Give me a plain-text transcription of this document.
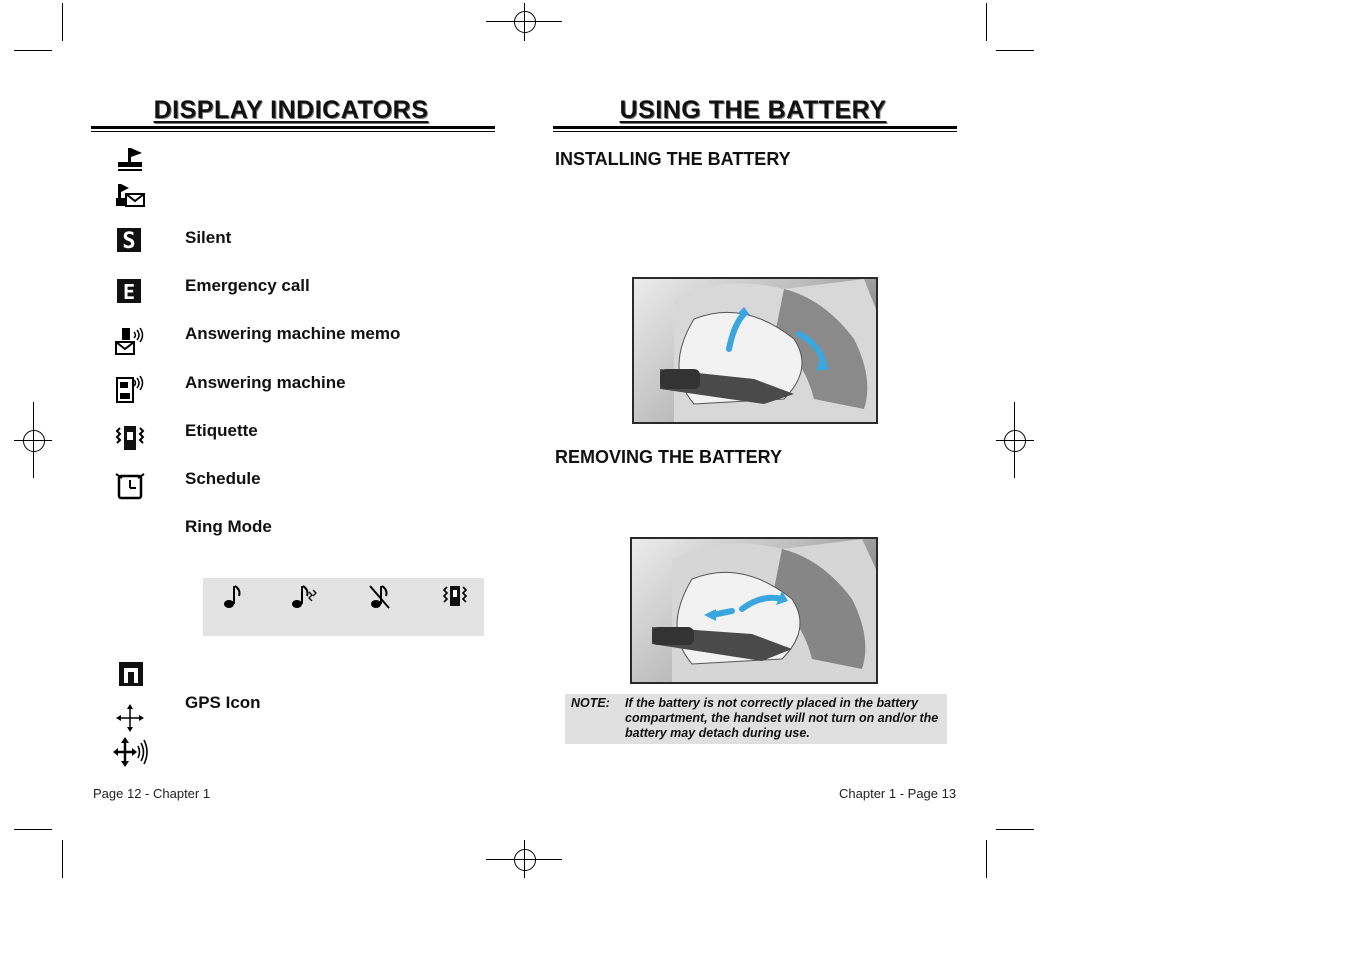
DISPLAY INDICATORS
S
E
Silent
Emergency call
Answering machine memo
Answering machine
Etiquette
Schedule
Ring Mode
GPS Icon
Page 12 - Chapter 1
USING THE BATTERY
INSTALLING THE BATTERY
REMOVING THE BATTERY
NOTE: If the battery is not correctly placed in the battery compartment, the handset will not turn on and/or the battery may detach during use.
Chapter 1 - Page 13
